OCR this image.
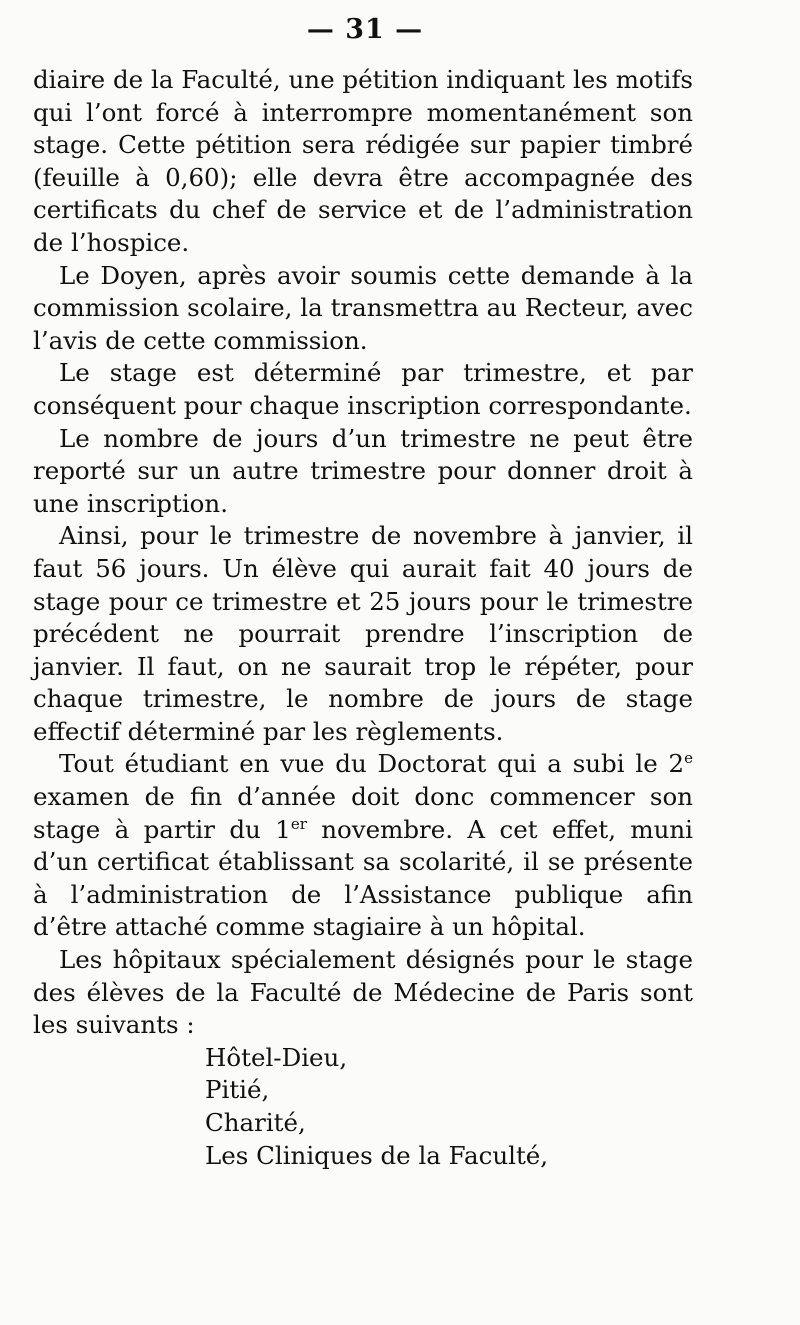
— 31 —

diaire de la Faculté, une pétition indiquant les motifs qui l’ont forcé à interrompre momentanément son stage. Cette pétition sera rédigée sur papier timbré (feuille à 0,60); elle devra être accompagnée des certificats du chef de service et de l’administration de l’hospice.

Le Doyen, après avoir soumis cette demande à la commission scolaire, la transmettra au Recteur, avec l’avis de cette commission.

Le stage est déterminé par trimestre, et par conséquent pour chaque inscription correspondante.

Le nombre de jours d’un trimestre ne peut être reporté sur un autre trimestre pour donner droit à une inscription.

Ainsi, pour le trimestre de novembre à janvier, il faut 56 jours. Un élève qui aurait fait 40 jours de stage pour ce trimestre et 25 jours pour le trimestre précédent ne pourrait prendre l’inscription de janvier. Il faut, on ne saurait trop le répéter, pour chaque trimestre, le nombre de jours de stage effectif déterminé par les règlements.

Tout étudiant en vue du Doctorat qui a subi le 2e examen de fin d’année doit donc commencer son stage à partir du 1er novembre. A cet effet, muni d’un certificat établissant sa scolarité, il se présente à l’administration de l’Assistance publique afin d’être attaché comme stagiaire à un hôpital.

Les hôpitaux spécialement désignés pour le stage des élèves de la Faculté de Médecine de Paris sont les suivants :

Hôtel-Dieu,
Pitié,
Charité,
Les Cliniques de la Faculté,
